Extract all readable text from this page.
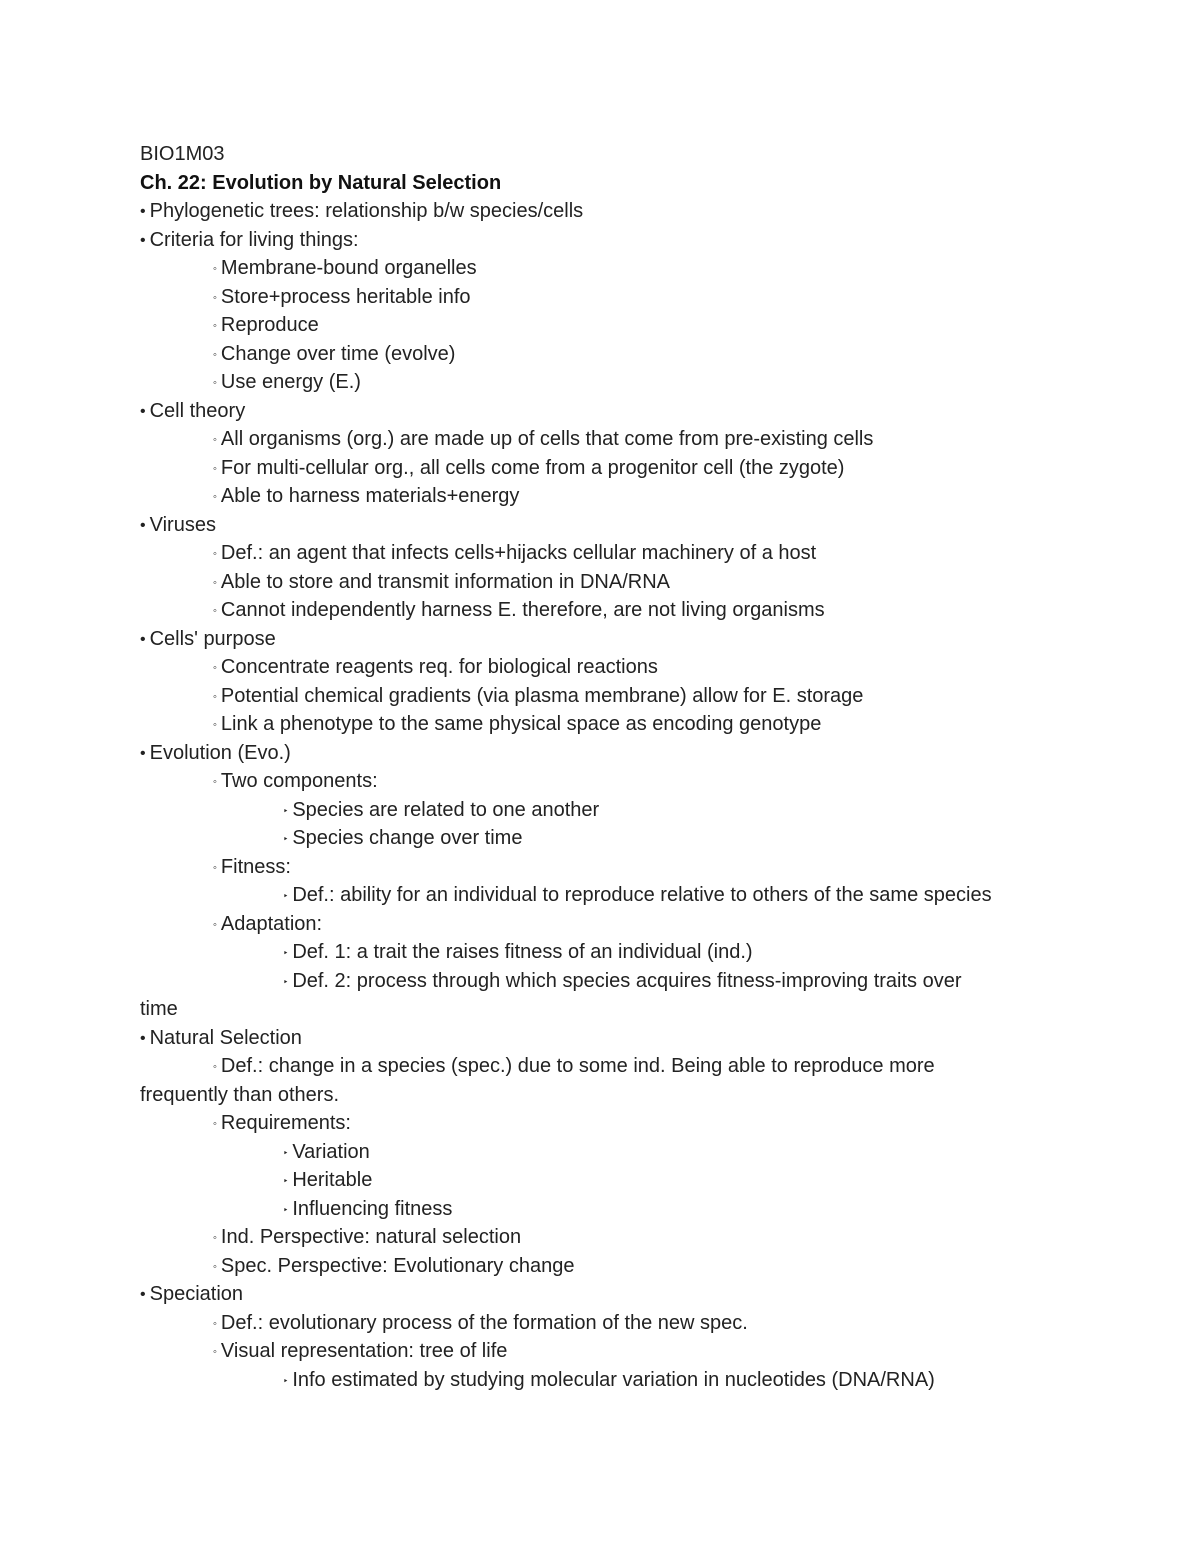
BIO1M03
Ch. 22: Evolution by Natural Selection
• Phylogenetic trees: relationship b/w species/cells
• Criteria for living things:
◦ Membrane-bound organelles
◦ Store+process heritable info
◦ Reproduce
◦ Change over time (evolve)
◦ Use energy (E.)
• Cell theory
◦ All organisms (org.) are made up of cells that come from pre-existing cells
◦ For multi-cellular org., all cells come from a progenitor cell (the zygote)
◦ Able to harness materials+energy
• Viruses
◦ Def.: an agent that infects cells+hijacks cellular machinery of a host
◦ Able to store and transmit information in DNA/RNA
◦ Cannot independently harness E. therefore, are not living organisms
• Cells' purpose
◦ Concentrate reagents req. for biological reactions
◦ Potential chemical gradients (via plasma membrane) allow for E. storage
◦ Link a phenotype to the same physical space as encoding genotype
• Evolution (Evo.)
◦ Two components:
‣ Species are related to one another
‣ Species change over time
◦ Fitness:
‣ Def.: ability for an individual to reproduce relative to others of the same species
◦ Adaptation:
‣ Def. 1: a trait the raises fitness of an individual (ind.)
‣ Def. 2: process through which species acquires fitness-improving traits over
time
• Natural Selection
◦ Def.: change in a species (spec.) due to some ind. Being able to reproduce more
frequently than others.
◦ Requirements:
‣ Variation
‣ Heritable
‣ Influencing fitness
◦ Ind. Perspective: natural selection
◦ Spec. Perspective: Evolutionary change
• Speciation
◦ Def.: evolutionary process of the formation of the new spec.
◦ Visual representation: tree of life
‣ Info estimated by studying molecular variation in nucleotides (DNA/RNA)
